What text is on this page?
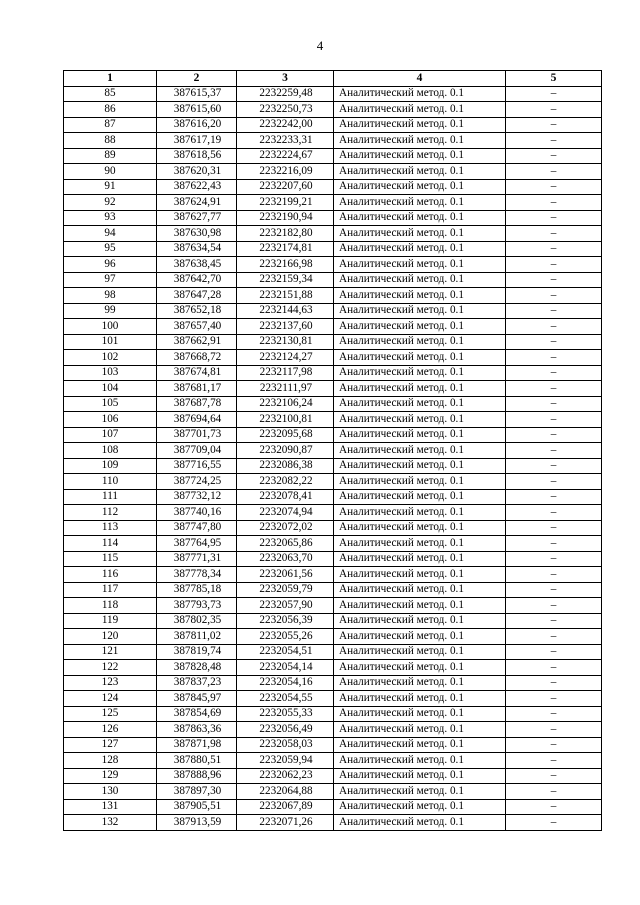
4
1	2	3	4	5
85	387615,37	2232259,48	Аналитический метод. 0.1	–
86	387615,60	2232250,73	Аналитический метод. 0.1	–
87	387616,20	2232242,00	Аналитический метод. 0.1	–
88	387617,19	2232233,31	Аналитический метод. 0.1	–
89	387618,56	2232224,67	Аналитический метод. 0.1	–
90	387620,31	2232216,09	Аналитический метод. 0.1	–
91	387622,43	2232207,60	Аналитический метод. 0.1	–
92	387624,91	2232199,21	Аналитический метод. 0.1	–
93	387627,77	2232190,94	Аналитический метод. 0.1	–
94	387630,98	2232182,80	Аналитический метод. 0.1	–
95	387634,54	2232174,81	Аналитический метод. 0.1	–
96	387638,45	2232166,98	Аналитический метод. 0.1	–
97	387642,70	2232159,34	Аналитический метод. 0.1	–
98	387647,28	2232151,88	Аналитический метод. 0.1	–
99	387652,18	2232144,63	Аналитический метод. 0.1	–
100	387657,40	2232137,60	Аналитический метод. 0.1	–
101	387662,91	2232130,81	Аналитический метод. 0.1	–
102	387668,72	2232124,27	Аналитический метод. 0.1	–
103	387674,81	2232117,98	Аналитический метод. 0.1	–
104	387681,17	2232111,97	Аналитический метод. 0.1	–
105	387687,78	2232106,24	Аналитический метод. 0.1	–
106	387694,64	2232100,81	Аналитический метод. 0.1	–
107	387701,73	2232095,68	Аналитический метод. 0.1	–
108	387709,04	2232090,87	Аналитический метод. 0.1	–
109	387716,55	2232086,38	Аналитический метод. 0.1	–
110	387724,25	2232082,22	Аналитический метод. 0.1	–
111	387732,12	2232078,41	Аналитический метод. 0.1	–
112	387740,16	2232074,94	Аналитический метод. 0.1	–
113	387747,80	2232072,02	Аналитический метод. 0.1	–
114	387764,95	2232065,86	Аналитический метод. 0.1	–
115	387771,31	2232063,70	Аналитический метод. 0.1	–
116	387778,34	2232061,56	Аналитический метод. 0.1	–
117	387785,18	2232059,79	Аналитический метод. 0.1	–
118	387793,73	2232057,90	Аналитический метод. 0.1	–
119	387802,35	2232056,39	Аналитический метод. 0.1	–
120	387811,02	2232055,26	Аналитический метод. 0.1	–
121	387819,74	2232054,51	Аналитический метод. 0.1	–
122	387828,48	2232054,14	Аналитический метод. 0.1	–
123	387837,23	2232054,16	Аналитический метод. 0.1	–
124	387845,97	2232054,55	Аналитический метод. 0.1	–
125	387854,69	2232055,33	Аналитический метод. 0.1	–
126	387863,36	2232056,49	Аналитический метод. 0.1	–
127	387871,98	2232058,03	Аналитический метод. 0.1	–
128	387880,51	2232059,94	Аналитический метод. 0.1	–
129	387888,96	2232062,23	Аналитический метод. 0.1	–
130	387897,30	2232064,88	Аналитический метод. 0.1	–
131	387905,51	2232067,89	Аналитический метод. 0.1	–
132	387913,59	2232071,26	Аналитический метод. 0.1	–
